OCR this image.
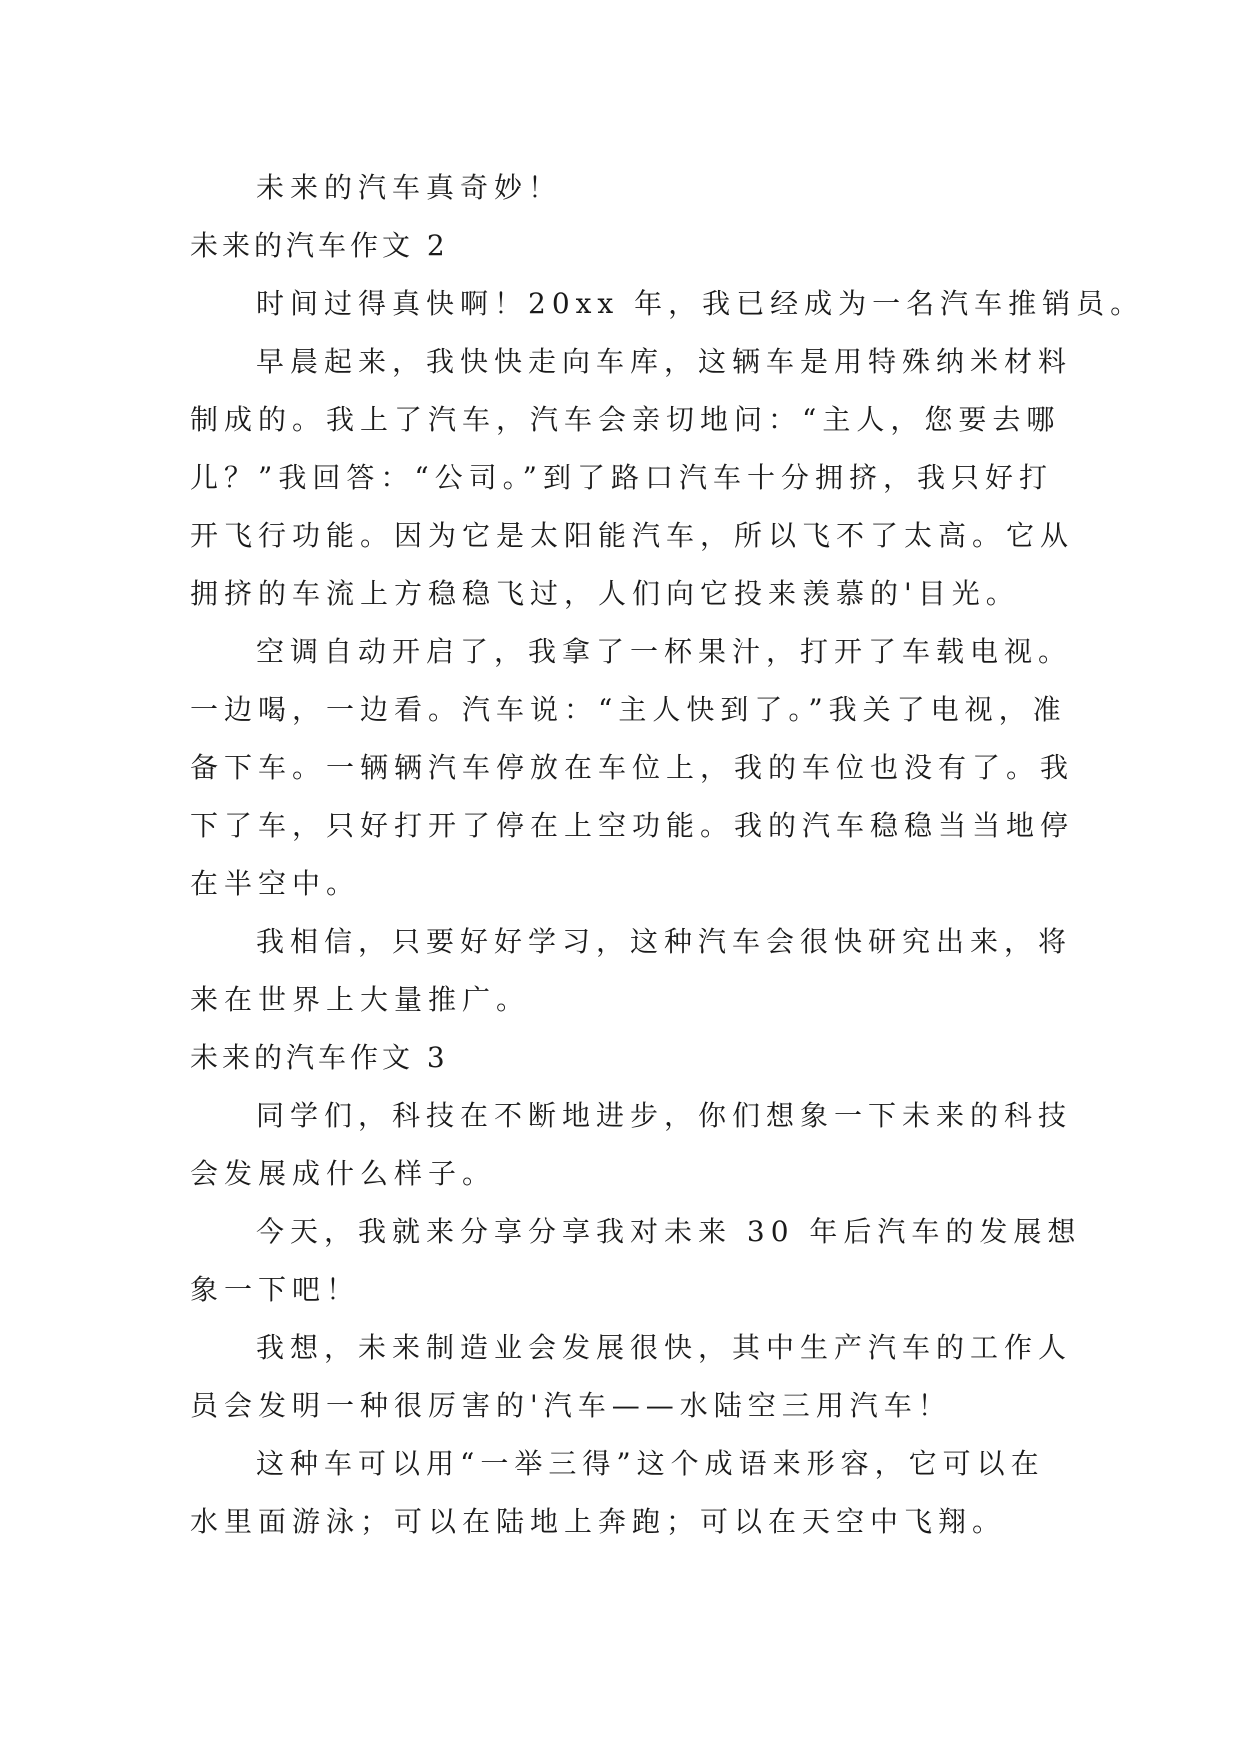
未来的汽车真奇妙！
未来的汽车作文 2
时间过得真快啊！20xx 年，我已经成为一名汽车推销员。
早晨起来，我快快走向车库，这辆车是用特殊纳米材料
制成的。我上了汽车，汽车会亲切地问：“主人，您要去哪
儿？”我回答：“公司。”到了路口汽车十分拥挤，我只好打
开飞行功能。因为它是太阳能汽车，所以飞不了太高。它从
拥挤的车流上方稳稳飞过，人们向它投来羡慕的'目光。
空调自动开启了，我拿了一杯果汁，打开了车载电视。
一边喝，一边看。汽车说：“主人快到了。”我关了电视，准
备下车。一辆辆汽车停放在车位上，我的车位也没有了。我
下了车，只好打开了停在上空功能。我的汽车稳稳当当地停
在半空中。
我相信，只要好好学习，这种汽车会很快研究出来，将
来在世界上大量推广。
未来的汽车作文 3
同学们，科技在不断地进步，你们想象一下未来的科技
会发展成什么样子。
今天，我就来分享分享我对未来 30 年后汽车的发展想
象一下吧！
我想，未来制造业会发展很快，其中生产汽车的工作人
员会发明一种很厉害的'汽车——水陆空三用汽车！
这种车可以用“一举三得”这个成语来形容，它可以在
水里面游泳；可以在陆地上奔跑；可以在天空中飞翔。
